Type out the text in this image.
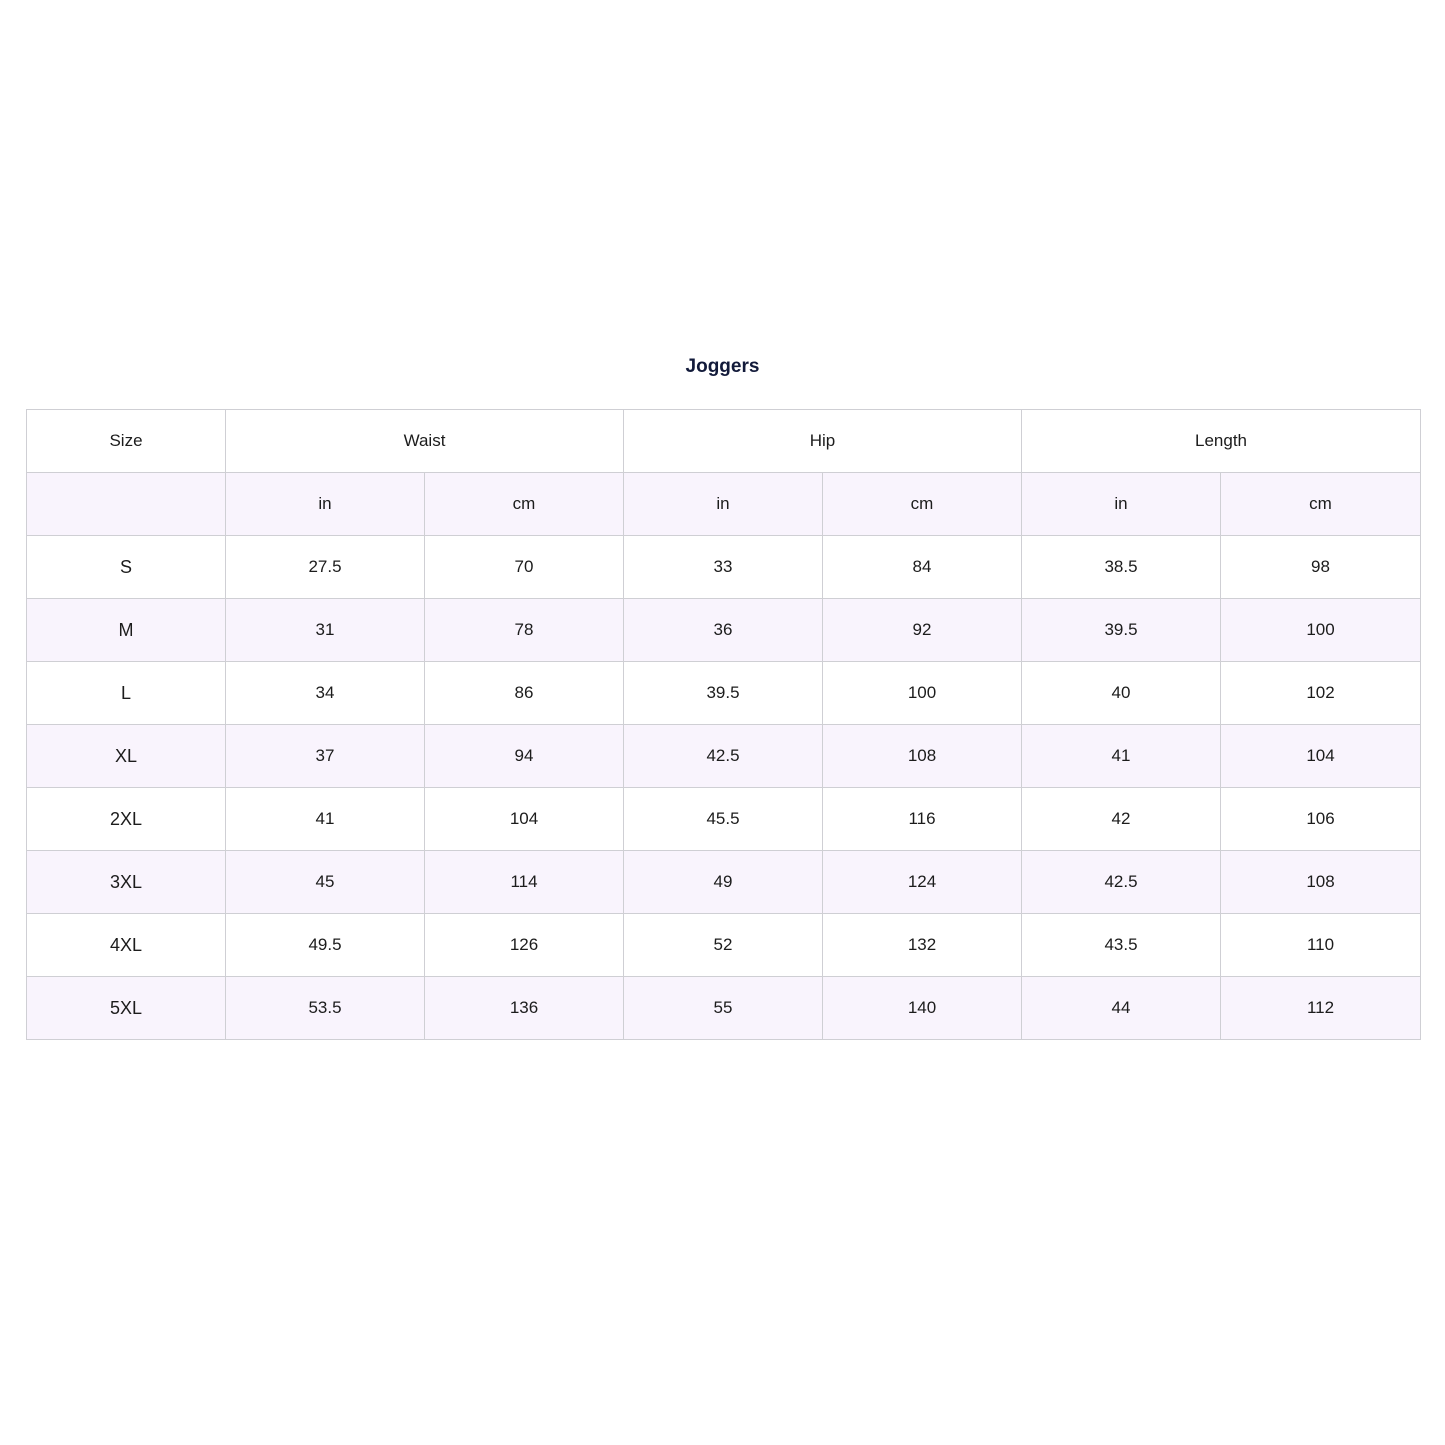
Joggers
Size	Waist		Hip		Length	
	in	cm	in	cm	in	cm
S	27.5	70	33	84	38.5	98
M	31	78	36	92	39.5	100
L	34	86	39.5	100	40	102
XL	37	94	42.5	108	41	104
2XL	41	104	45.5	116	42	106
3XL	45	114	49	124	42.5	108
4XL	49.5	126	52	132	43.5	110
5XL	53.5	136	55	140	44	112
